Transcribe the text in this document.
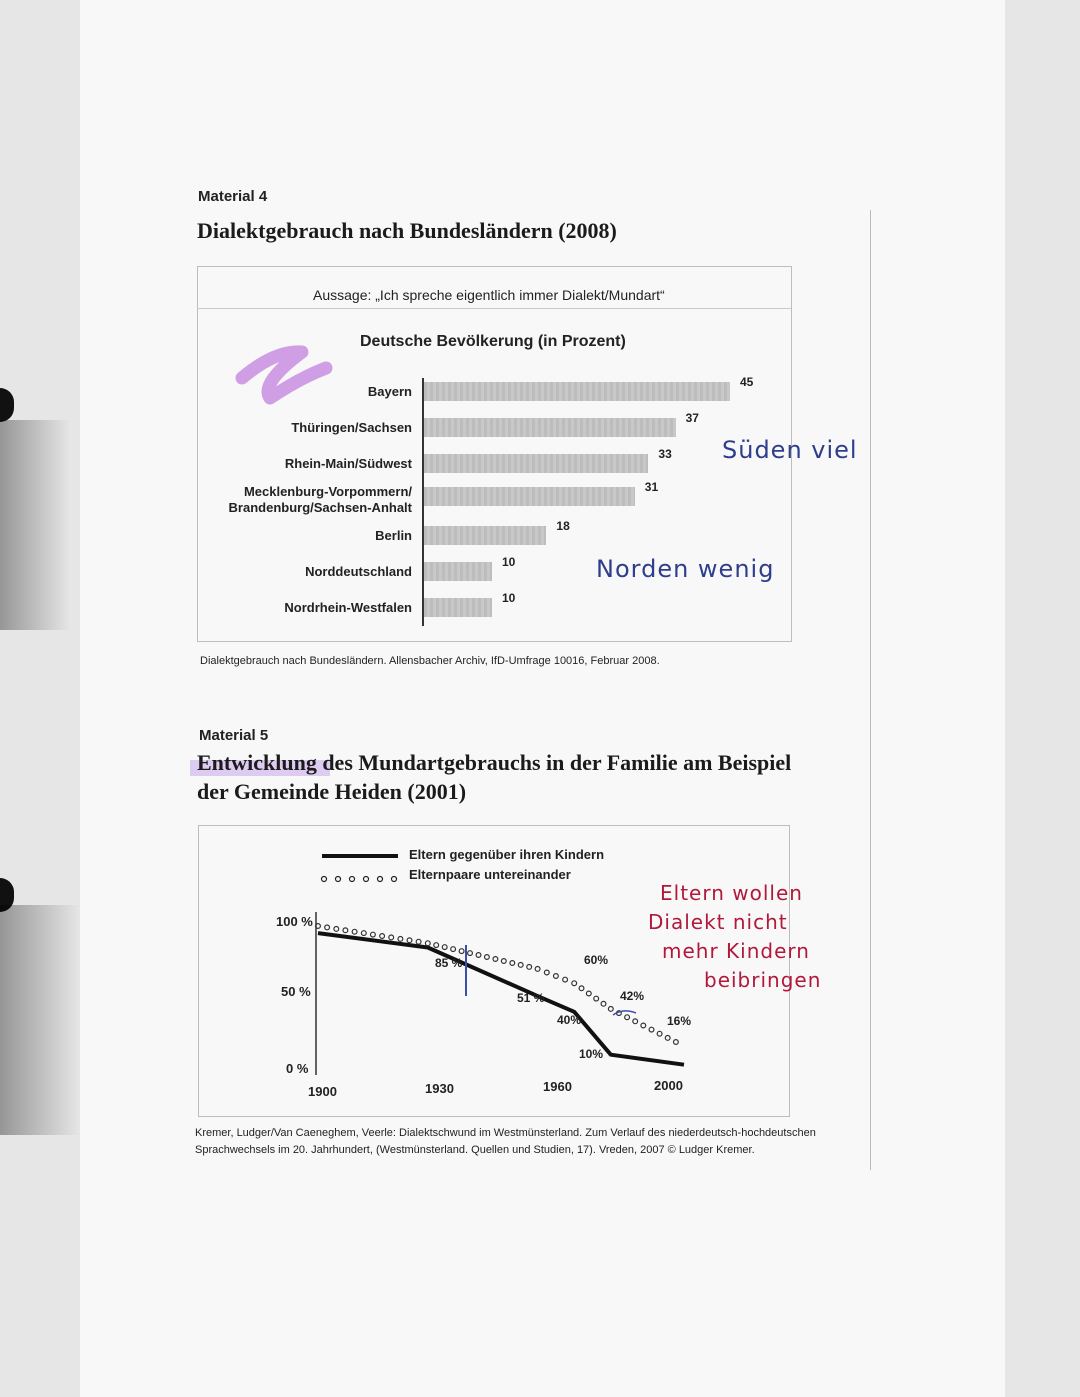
Material 4
Dialektgebrauch nach Bundesländern (2008)
Aussage: „Ich spreche eigentlich immer Dialekt/Mundart“
Deutsche Bevölkerung (in Prozent)
Bayern
45
Thüringen/Sachsen
37
Rhein-Main/Südwest
33
Mecklenburg-Vorpommern/
Brandenburg/Sachsen-Anhalt
31
Berlin
18
Norddeutschland
10
Nordrhein-Westfalen
10
Süden viel
Norden wenig
Dialektgebrauch nach Bundesländern. Allensbacher Archiv, IfD-Umfrage 10016, Februar 2008.
Material 5
Entwicklung des Mundartgebrauchs in der Familie am Beispiel
der Gemeinde Heiden (2001)
Eltern gegenüber ihren Kindern
Elternpaare untereinander
100 %
50 %
0 %
1900	1930	1960	2000
85 %
51 %
40%
10%
60%
42%
16%
Eltern wollen
Dialekt nicht
mehr Kindern
beibringen
Kremer, Ludger/Van Caeneghem, Veerle: Dialektschwund im Westmünsterland. Zum Verlauf des niederdeutsch-hochdeutschen
Sprachwechsels im 20. Jahrhundert, (Westmünsterland. Quellen und Studien, 17). Vreden, 2007 © Ludger Kremer.
